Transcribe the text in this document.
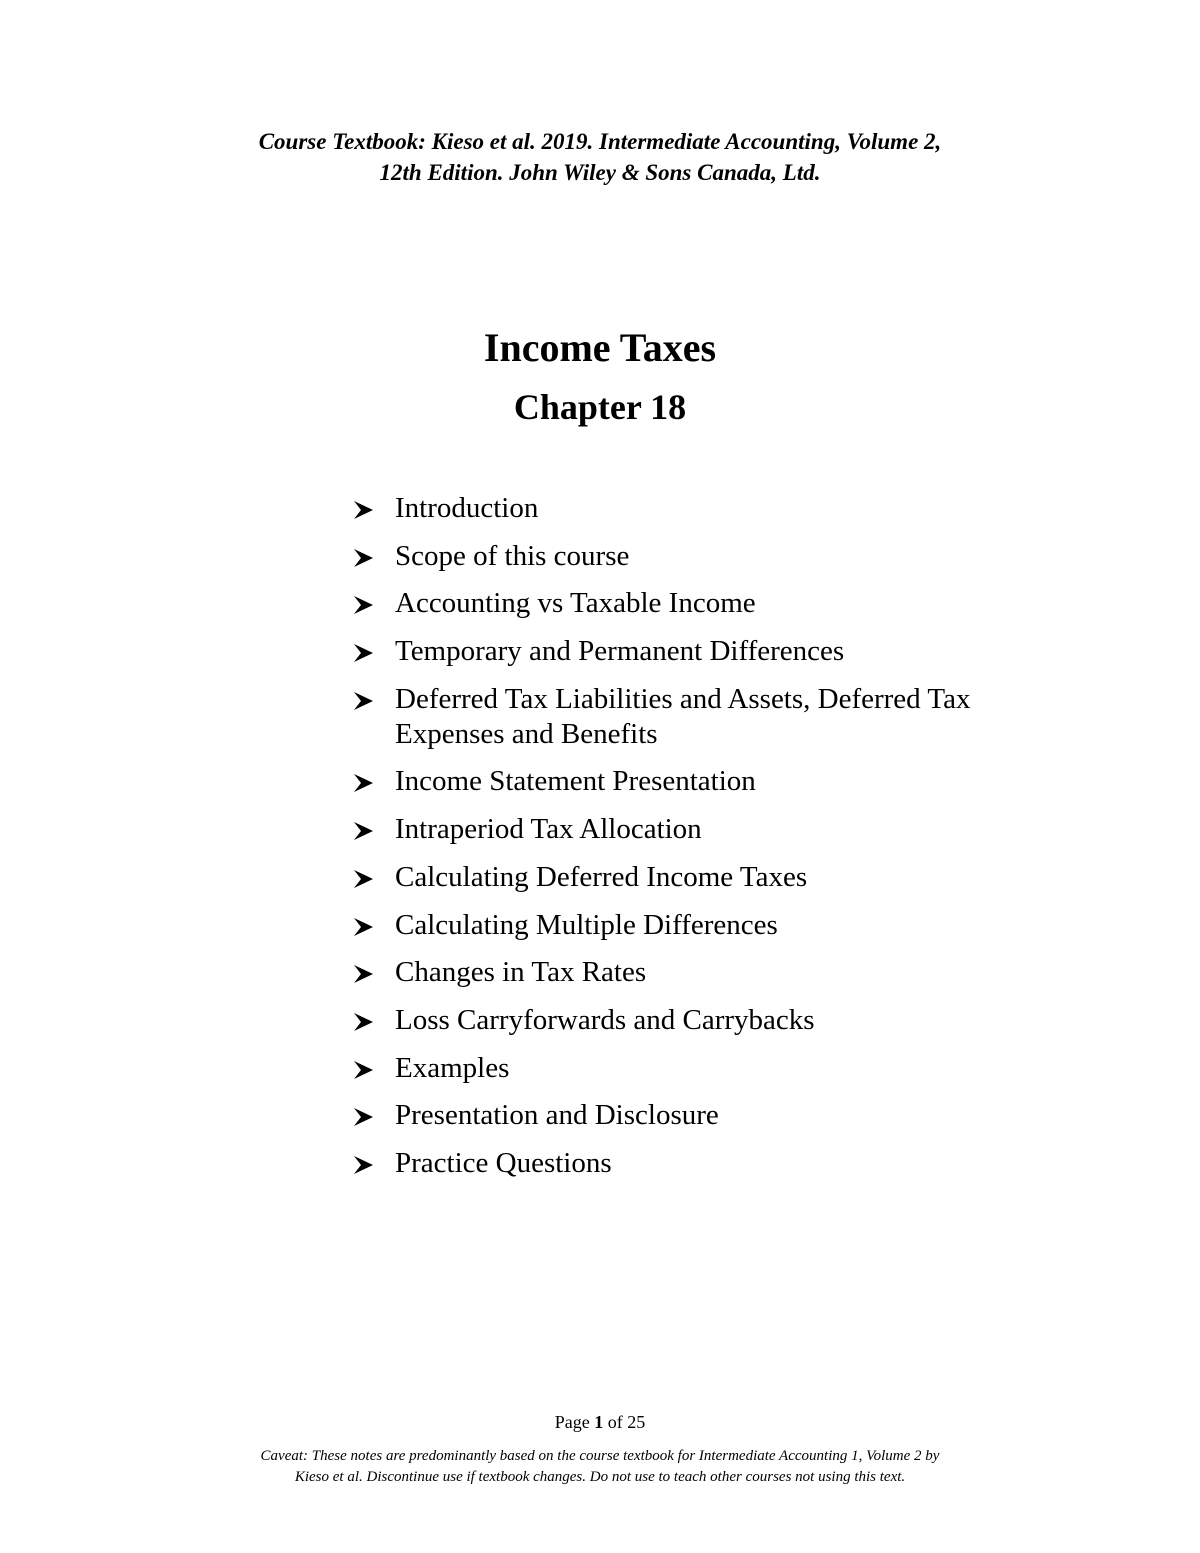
Course Textbook: Kieso et al. 2019. Intermediate Accounting, Volume 2,
12th Edition. John Wiley & Sons Canada, Ltd.
Income Taxes
Chapter 18
Introduction
Scope of this course
Accounting vs Taxable Income
Temporary and Permanent Differences
Deferred Tax Liabilities and Assets, Deferred Tax Expenses and Benefits
Income Statement Presentation
Intraperiod Tax Allocation
Calculating Deferred Income Taxes
Calculating Multiple Differences
Changes in Tax Rates
Loss Carryforwards and Carrybacks
Examples
Presentation and Disclosure
Practice Questions
Page 1 of 25
Caveat: These notes are predominantly based on the course textbook for Intermediate Accounting 1, Volume 2 by
Kieso et al. Discontinue use if textbook changes. Do not use to teach other courses not using this text.
